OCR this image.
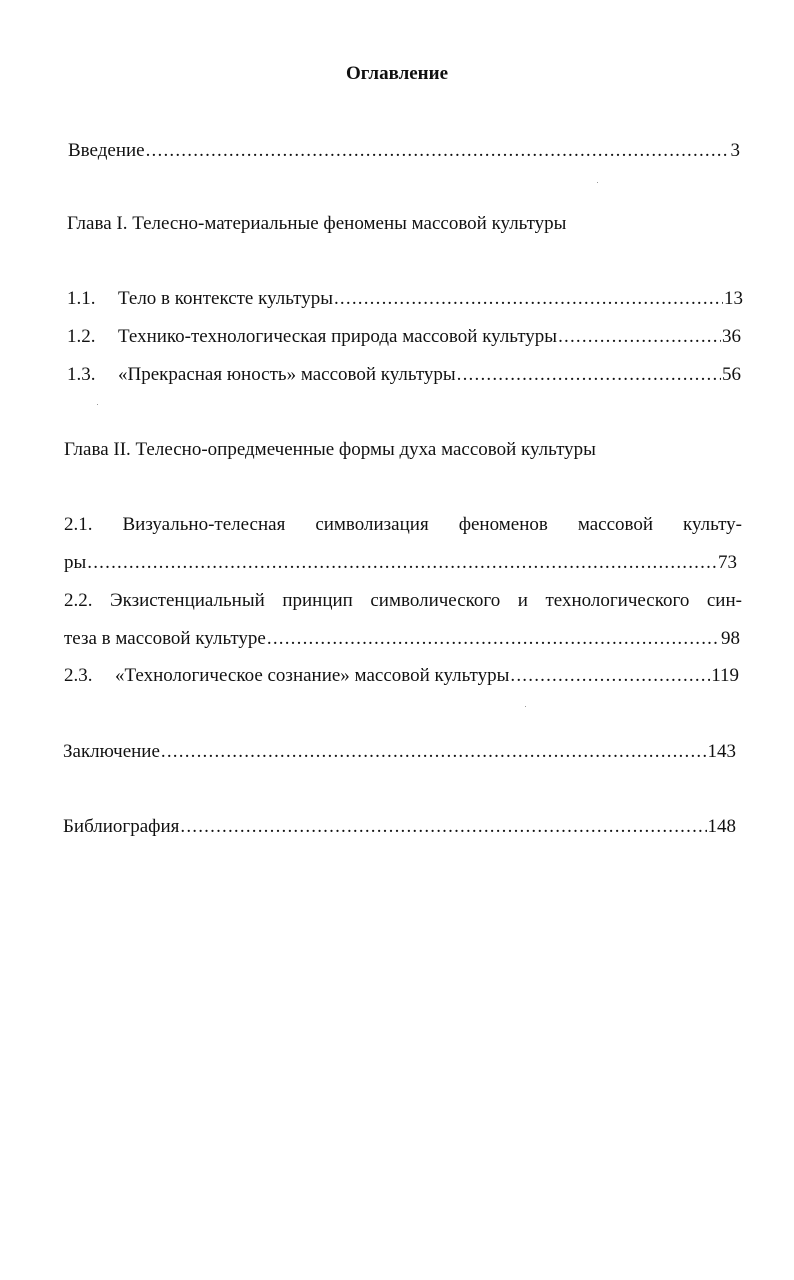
Оглавление
Введение .....	3
Глава I. Телесно-материальные феномены массовой культуры
1.1.	Тело в контексте культуры .....	13
1.2.	Технико-технологическая природа массовой культуры .....	36
1.3.	«Прекрасная юность» массовой культуры .....	56
Глава II. Телесно-опредмеченные формы духа массовой культуры
2.1. Визуально-телесная символизация феноменов массовой культу-
ры .....	73
2.2. Экзистенциальный принцип символического и технологического син-
теза в массовой культуре .....	98
2.3.	«Технологическое сознание» массовой культуры .....	119
Заключение .....	143
Библиография .....	148
